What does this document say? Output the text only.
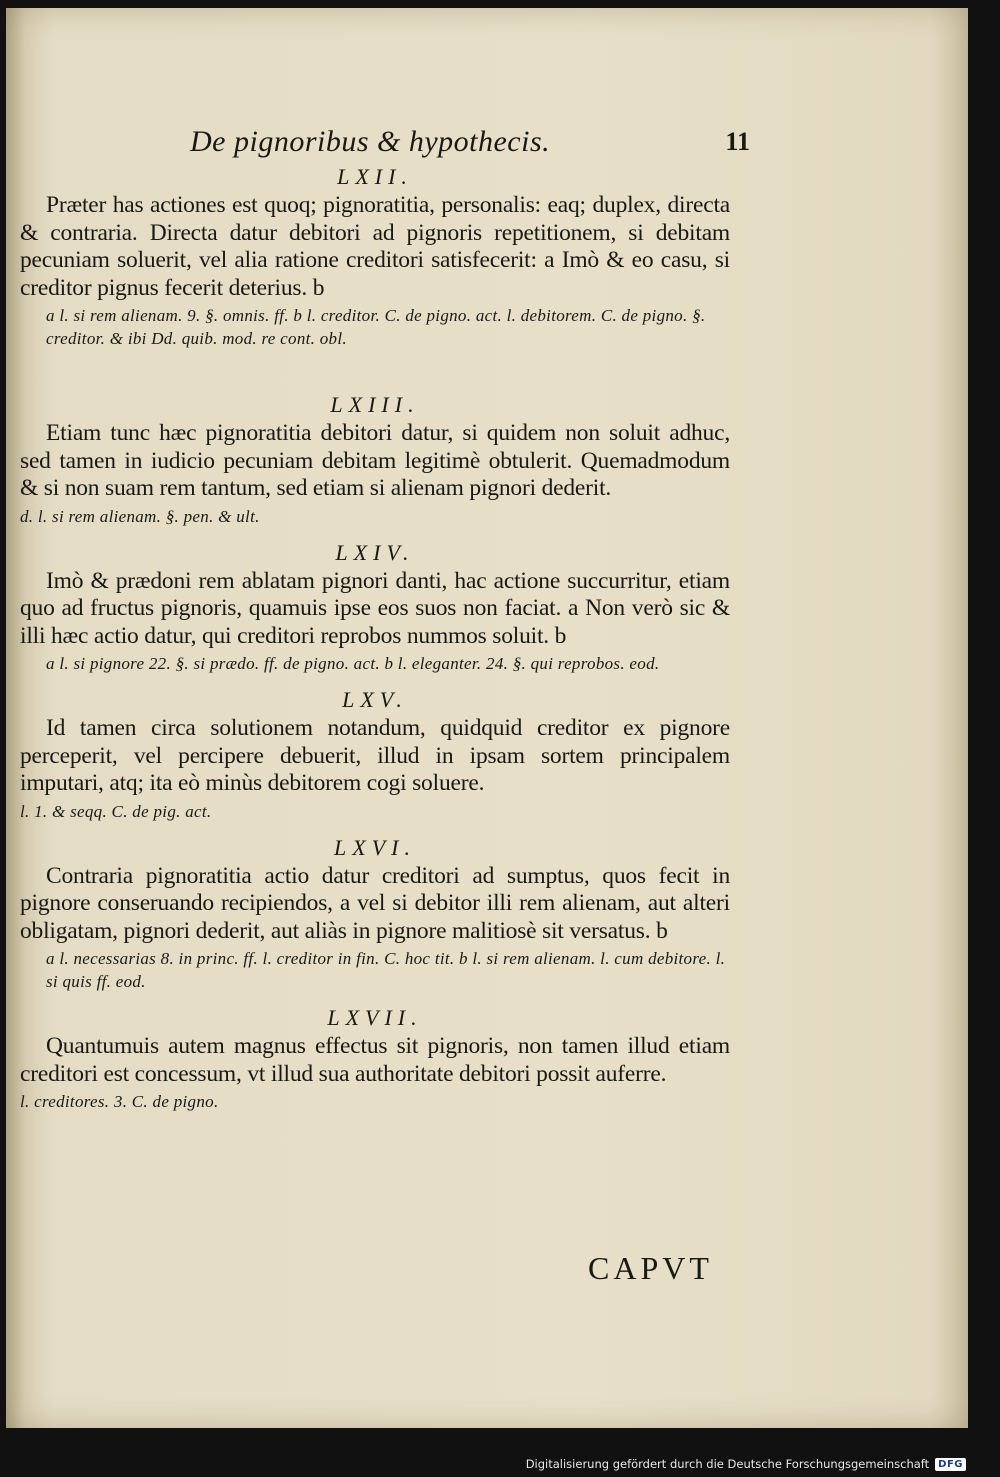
De pignoribus & hypothecis.	11

LXII.

Præter has actiones est quoq; pignoratitia, personalis: eaq; duplex, directa & contraria. Directa datur debitori ad pignoris repetitionem, si debitam pecuniam soluerit, vel alia ratione creditori satisfecerit: a Imò & eo casu, si creditor pignus fecerit deterius. b

a l. si rem alienam. 9. §. omnis. ff. b l. creditor. C. de pigno. act. l. debitorem. C. de pigno. §. creditor. & ibi Dd. quib. mod. re cont. obl.

LXIII.

Etiam tunc hæc pignoratitia debitori datur, si quidem non soluit adhuc, sed tamen in iudicio pecuniam debitam legitimè obtulerit. Quemadmodum & si non suam rem tantum, sed etiam si alienam pignori dederit.

d. l. si rem alienam. §. pen. & ult.

LXIV.

Imò & prædoni rem ablatam pignori danti, hac actione succurritur, etiam quo ad fructus pignoris, quamuis ipse eos suos non faciat. a Non verò sic & illi hæc actio datur, qui creditori reprobos nummos soluit. b

a l. si pignore 22. §. si prædo. ff. de pigno. act. b l. eleganter. 24. §. qui reprobos. eod.

LXV.

Id tamen circa solutionem notandum, quidquid creditor ex pignore perceperit, vel percipere debuerit, illud in ipsam sortem principalem imputari, atq; ita eò minùs debitorem cogi soluere.

l. 1. & seqq. C. de pig. act.

LXVI.

Contraria pignoratitia actio datur creditori ad sumptus, quos fecit in pignore conseruando recipiendos, a vel si debitor illi rem alienam, aut alteri obligatam, pignori dederit, aut aliàs in pignore malitiosè sit versatus. b

a l. necessarias 8. in princ. ff. l. creditor in fin. C. hoc tit. b l. si rem alienam. l. cum debitore. l. si quis ff. eod.

LXVII.

Quantumuis autem magnus effectus sit pignoris, non tamen illud etiam creditori est concessum, vt illud sua authoritate debitori possit auferre.

l. creditores. 3. C. de pigno.

CAPVT
Digitalisierung gefördert durch die Deutsche Forschungsgemeinschaft DFG
